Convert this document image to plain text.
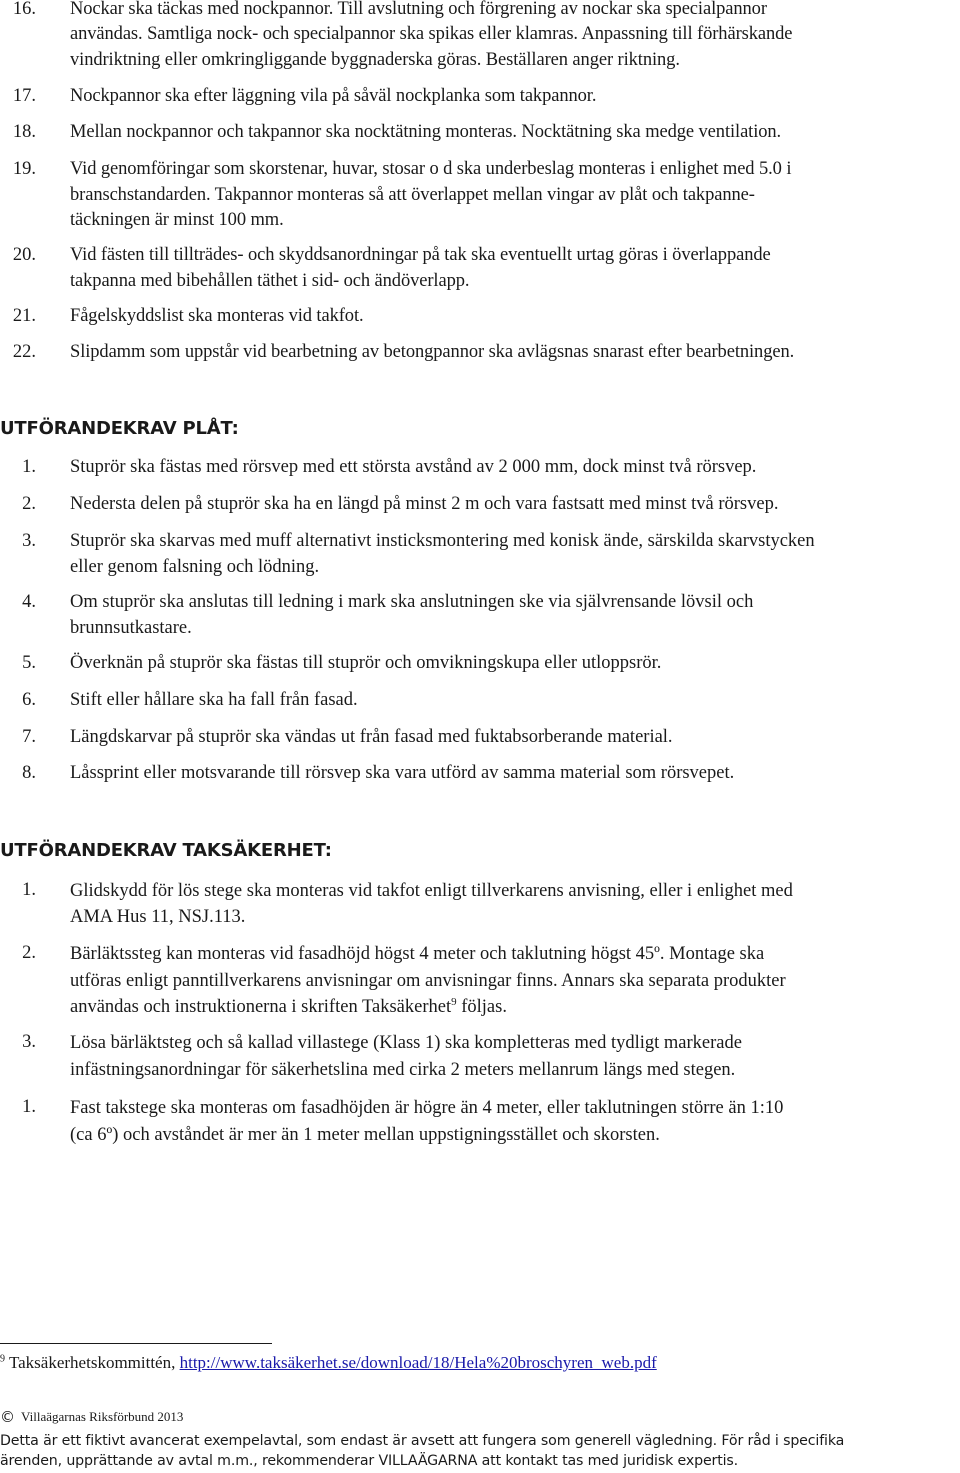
16. Nockar ska täckas med nockpannor. Till avslutning och förgrening av nockar ska specialpannor
användas. Samtliga nock- och specialpannor ska spikas eller klamras. Anpassning till förhärskande
vindriktning eller omkringliggande byggnaderska göras. Beställaren anger riktning.
17. Nockpannor ska efter läggning vila på såväl nockplanka som takpannor.
18. Mellan nockpannor och takpannor ska nocktätning monteras. Nocktätning ska medge ventilation.
19. Vid genomföringar som skorstenar, huvar, stosar o d ska underbeslag monteras i enlighet med 5.0 i
branschstandarden. Takpannor monteras så att överlappet mellan vingar av plåt och takpanne-
täckningen är minst 100 mm.
20. Vid fästen till tillträdes- och skyddsanordningar på tak ska eventuellt urtag göras i överlappande
takpanna med bibehållen täthet i sid- och ändöverlapp.
21. Fågelskyddslist ska monteras vid takfot.
22. Slipdamm som uppstår vid bearbetning av betongpannor ska avlägsnas snarast efter bearbetningen.
UTFÖRANDEKRAV PLÅT:
1. Stuprör ska fästas med rörsvep med ett största avstånd av 2 000 mm, dock minst två rörsvep.
2. Nedersta delen på stuprör ska ha en längd på minst 2 m och vara fastsatt med minst två rörsvep.
3. Stuprör ska skarvas med muff alternativt insticksmontering med konisk ände, särskilda skarvstycken
eller genom falsning och lödning.
4. Om stuprör ska anslutas till ledning i mark ska anslutningen ske via självrensande lövsil och
brunnsutkastare.
5. Överknän på stuprör ska fästas till stuprör och omvikningskupa eller utloppsrör.
6. Stift eller hållare ska ha fall från fasad.
7. Längdskarvar på stuprör ska vändas ut från fasad med fuktabsorberande material.
8. Låssprint eller motsvarande till rörsvep ska vara utförd av samma material som rörsvepet.
UTFÖRANDEKRAV TAKSÄKERHET:
1. Glidskydd för lös stege ska monteras vid takfot enligt tillverkarens anvisning, eller i enlighet med
AMA Hus 11, NSJ.113.
2. Bärläktssteg kan monteras vid fasadhöjd högst 4 meter och taklutning högst 45º. Montage ska
utföras enligt panntillverkarens anvisningar om anvisningar finns. Annars ska separata produkter
användas och instruktionerna i skriften Taksäkerhet$^9$ följas.
3. Lösa bärläktsteg och så kallad villastege (Klass 1) ska kompletteras med tydligt markerade
infästningsanordningar för säkerhetslina med cirka 2 meters mellanrum längs med stegen.
1. Fast takstege ska monteras om fasadhöjden är högre än 4 meter, eller taklutningen större än 1:10
(ca 6º) och avståndet är mer än 1 meter mellan uppstigningsstället och skorsten.
$^9$ Taksäkerhetskommittén, http://www.taksäkerhet.se/download/18/Hela%20broschyren_web.pdf
© Villaägarnas Riksförbund 2013
Detta är ett fiktivt avancerat exempelavtal, som endast är avsett att fungera som generell vägledning. För råd i specifika
ärenden, upprättande av avtal m.m., rekommenderar VILLAÄGARNA att kontakt tas med juridisk expertis.
